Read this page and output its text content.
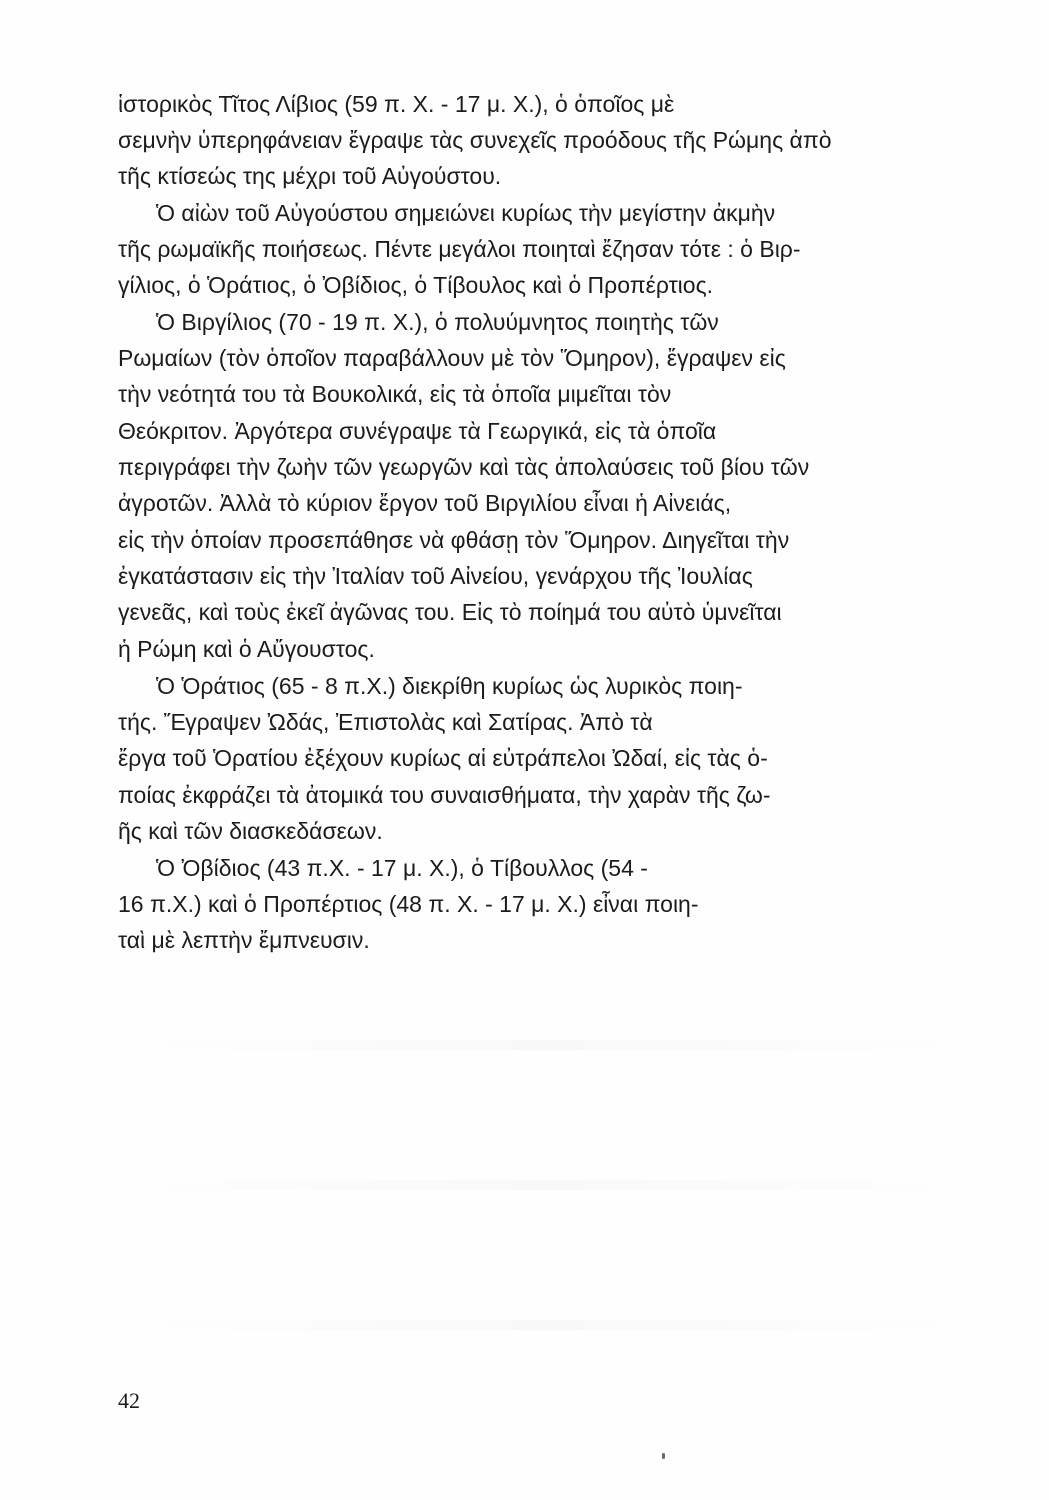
ἱστορικὸς Τῖτος Λίβιος (59 π. Χ. - 17 μ. Χ.), ὁ ὁποῖος μὲ
σεμνὴν ὑπερηφάνειαν ἔγραψε τὰς συνεχεῖς προόδους τῆς Ρώμης ἀπὸ
τῆς κτίσεώς της μέχρι τοῦ Αὐγούστου.
Ὁ αἰὼν τοῦ Αὐγούστου σημειώνει κυρίως τὴν μεγίστην ἀκμὴν
τῆς ρωμαϊκῆς ποιήσεως. Πέντε μεγάλοι ποιηταὶ ἔζησαν τότε : ὁ Βιρ-
γίλιος, ὁ Ὁράτιος, ὁ Ὀβίδιος, ὁ Τίβουλος καὶ ὁ Προπέρτιος.
Ὁ Βιργίλιος (70 - 19 π. Χ.), ὁ πολυύμνητος ποιητὴς τῶν
Ρωμαίων (τὸν ὁποῖον παραβάλλουν μὲ τὸν Ὅμηρον), ἔγραψεν εἰς
τὴν νεότητά του τὰ Βουκολικά, εἰς τὰ ὁποῖα μιμεῖται τὸν
Θεόκριτον. Ἀργότερα συνέγραψε τὰ Γεωργικά, εἰς τὰ ὁποῖα
περιγράφει τὴν ζωὴν τῶν γεωργῶν καὶ τὰς ἀπολαύσεις τοῦ βίου τῶν
ἀγροτῶν. Ἀλλὰ τὸ κύριον ἔργον τοῦ Βιργιλίου εἶναι ἡ Αἰνειάς,
εἰς τὴν ὁποίαν προσεπάθησε νὰ φθάσῃ τὸν Ὅμηρον. Διηγεῖται τὴν
ἐγκατάστασιν εἰς τὴν Ἰταλίαν τοῦ Αἰνείου, γενάρχου τῆς Ἰουλίας
γενεᾶς, καὶ τοὺς ἐκεῖ ἀγῶνας του. Εἰς τὸ ποίημά του αὐτὸ ὑμνεῖται
ἡ Ρώμη καὶ ὁ Αὔγουστος.
Ὁ Ὁράτιος (65 - 8 π.Χ.) διεκρίθη κυρίως ὡς λυρικὸς ποιη-
τής. Ἔγραψεν Ὠδάς, Ἐπιστολὰς καὶ Σατίρας. Ἀπὸ τὰ
ἔργα τοῦ Ὁρατίου ἐξέχουν κυρίως αἱ εὐτράπελοι Ὠδαί, εἰς τὰς ὁ-
ποίας ἐκφράζει τὰ ἀτομικά του συναισθήματα, τὴν χαρὰν τῆς ζω-
ῆς καὶ τῶν διασκεδάσεων.
Ὁ Ὀβίδιος (43 π.Χ. - 17 μ. Χ.), ὁ Τίβουλλος (54 -
16 π.Χ.) καὶ ὁ Προπέρτιος (48 π. Χ. - 17 μ. Χ.) εἶναι ποιη-
ταὶ μὲ λεπτὴν ἔμπνευσιν.
42
